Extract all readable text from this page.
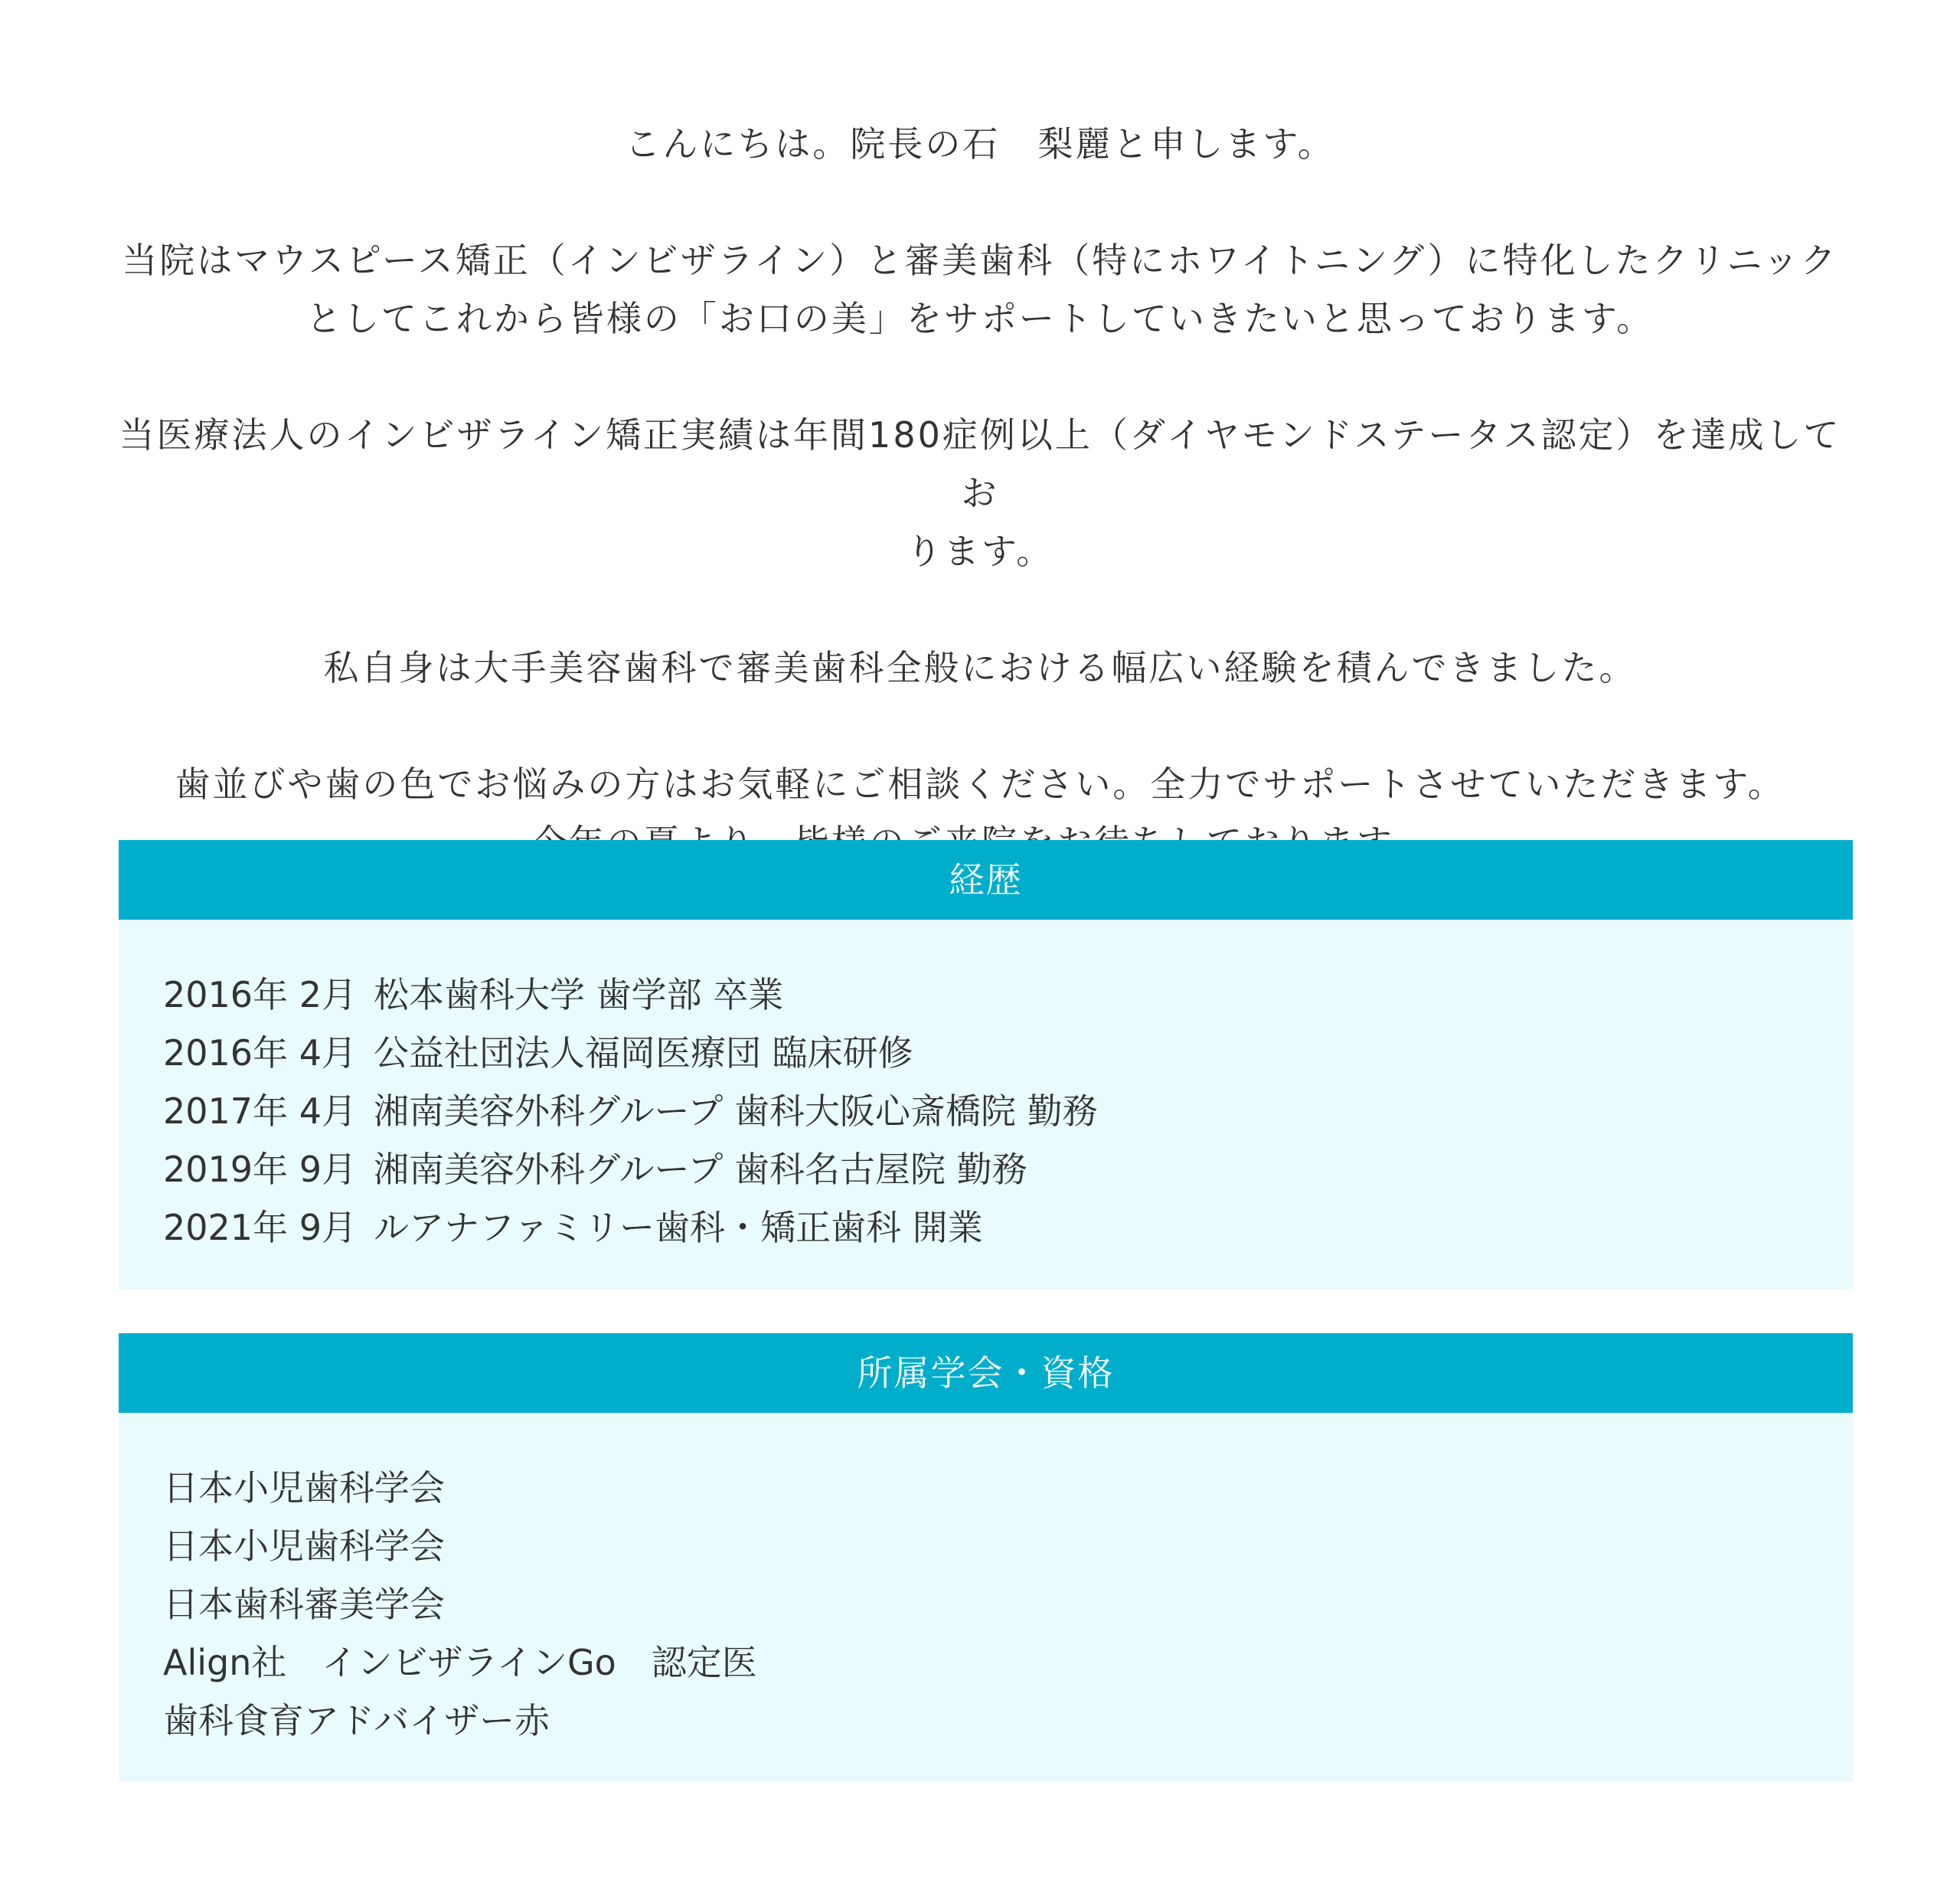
こんにちは。院長の石　梨麗と申します。

当院はマウスピース矯正（インビザライン）と審美歯科（特にホワイトニング）に特化したクリニック
としてこれから皆様の「お口の美」をサポートしていきたいと思っております。

当医療法人のインビザライン矯正実績は年間180症例以上（ダイヤモンドステータス認定）を達成してお
ります。

私自身は大手美容歯科で審美歯科全般における幅広い経験を積んできました。

歯並びや歯の色でお悩みの方はお気軽にご相談ください。全力でサポートさせていただきます。

経歴
2016年 2月 松本歯科大学 歯学部 卒業
2016年 4月 公益社団法人福岡医療団 臨床研修
2017年 4月 湘南美容外科グループ 歯科大阪心斎橋院 勤務
2019年 9月 湘南美容外科グループ 歯科名古屋院 勤務
2021年 9月 ルアナファミリー歯科・矯正歯科 開業
所属学会・資格
日本小児歯科学会
日本小児歯科学会
日本歯科審美学会
Align社　インビザラインGo　認定医
歯科食育アドバイザー赤
